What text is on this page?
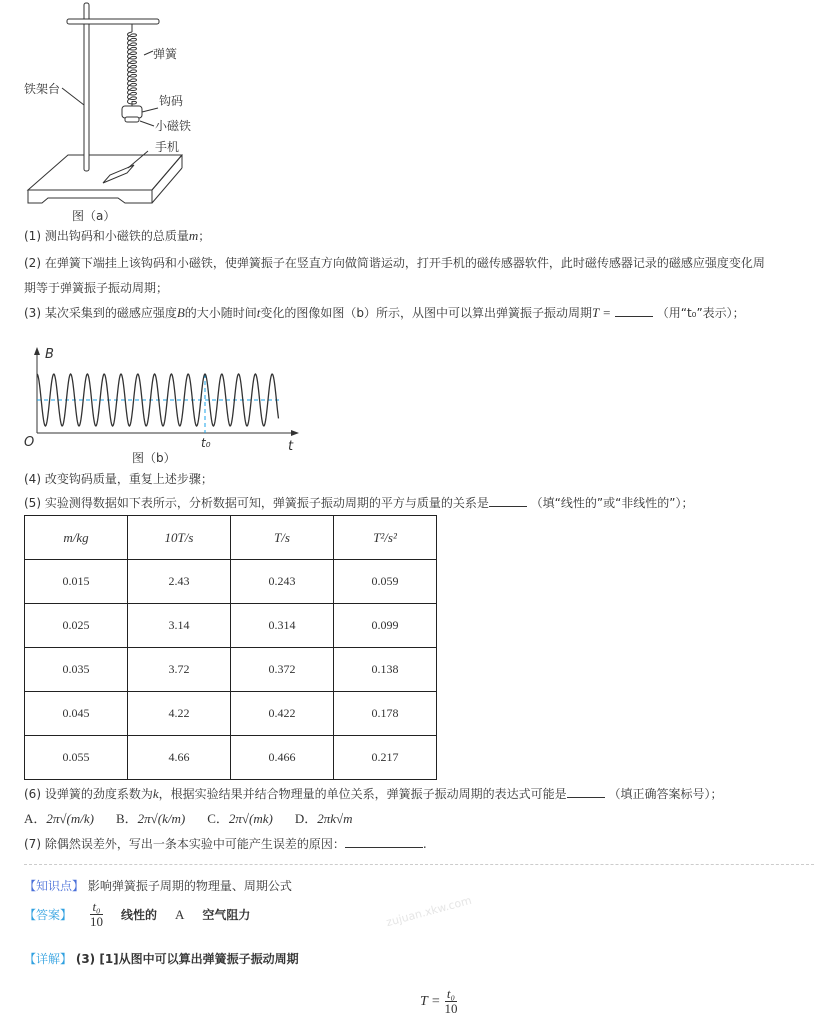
弹簧
铁架台
钩码
小磁铁
手机
图（a）
(1) 测出钩码和小磁铁的总质量m；
(2) 在弹簧下端挂上该钩码和小磁铁，使弹簧振子在竖直方向做简谐运动，打开手机的磁传感器软件，此时磁传感器记录的磁感应强度变化周
期等于弹簧振子振动周期；
(3) 某次采集到的磁感应强度B的大小随时间t变化的图像如图（b）所示，从图中可以算出弹簧振子振动周期T =	（用“t₀”表示）；
B
O	t
t₀
图（b）
(4) 改变钩码质量，重复上述步骤；
(5) 实验测得数据如下表所示，分析数据可知，弹簧振子振动周期的平方与质量的关系是	（填“线性的”或“非线性的”）；
m/kg	10T/s	T/s	T²/s²
0.015	2.43	0.243	0.059
0.025	3.14	0.314	0.099
0.035	3.72	0.372	0.138
0.045	4.22	0.422	0.178
0.055	4.66	0.466	0.217
(6) 设弹簧的劲度系数为k，根据实验结果并结合物理量的单位关系，弹簧振子振动周期的表达式可能是	（填正确答案标号）；
A．2π√(m/k) B．2π√(k/m) C．2π√(mk) D．2πk√m
(7) 除偶然误差外，写出一条本实验中可能产生误差的原因：	.
【知识点】 影响弹簧振子周期的物理量、周期公式
【答案】 $\frac{\text{t₀}}{10}$ 线性的 A 空气阻力	zujuan.xkw.com
【详解】 (3) [1]从图中可以算出弹簧振子振动周期
$T = \frac{\text{t₀}}{10}$
